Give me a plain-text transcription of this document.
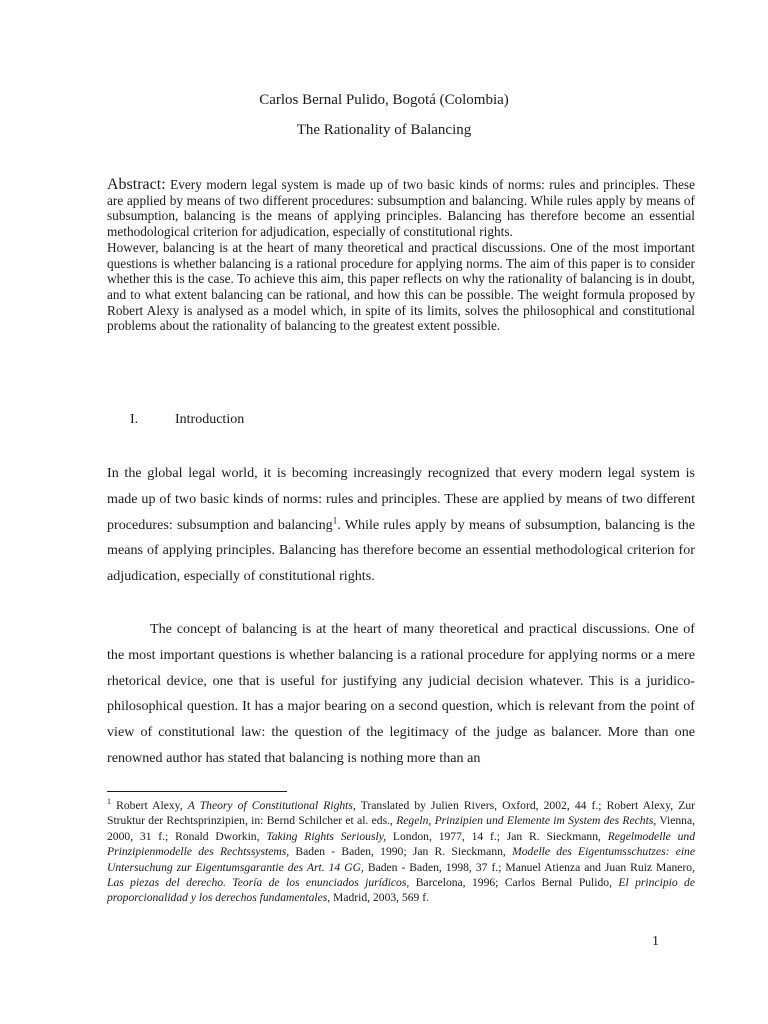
Carlos Bernal Pulido, Bogotá (Colombia)
The Rationality of Balancing

Abstract: Every modern legal system is made up of two basic kinds of norms: rules and principles. These are applied by means of two different procedures: subsumption and balancing. While rules apply by means of subsumption, balancing is the means of applying principles. Balancing has therefore become an essential methodological criterion for adjudication, especially of constitutional rights.

However, balancing is at the heart of many theoretical and practical discussions. One of the most important questions is whether balancing is a rational procedure for applying norms. The aim of this paper is to consider whether this is the case. To achieve this aim, this paper reflects on why the rationality of balancing is in doubt, and to what extent balancing can be rational, and how this can be possible. The weight formula proposed by Robert Alexy is analysed as a model which, in spite of its limits, solves the philosophical and constitutional problems about the rationality of balancing to the greatest extent possible.

I.	Introduction

In the global legal world, it is becoming increasingly recognized that every modern legal system is made up of two basic kinds of norms: rules and principles. These are applied by means of two different procedures: subsumption and balancing$^1$. While rules apply by means of subsumption, balancing is the means of applying principles. Balancing has therefore become an essential methodological criterion for adjudication, especially of constitutional rights.

The concept of balancing is at the heart of many theoretical and practical discussions. One of the most important questions is whether balancing is a rational procedure for applying norms or a mere rhetorical device, one that is useful for justifying any judicial decision whatever. This is a juridico-philosophical question. It has a major bearing on a second question, which is relevant from the point of view of constitutional law: the question of the legitimacy of the judge as balancer. More than one renowned author has stated that balancing is nothing more than an

$^1$ Robert Alexy, A Theory of Constitutional Rights, Translated by Julien Rivers, Oxford, 2002, 44 f.; Robert Alexy, Zur Struktur der Rechtsprinzipien, in: Bernd Schilcher et al. eds., Regeln, Prinzipien und Elemente im System des Rechts, Vienna, 2000, 31 f.; Ronald Dworkin, Taking Rights Seriously, London, 1977, 14 f.; Jan R. Sieckmann, Regelmodelle und Prinzipienmodelle des Rechtssystems, Baden - Baden, 1990; Jan R. Sieckmann, Modelle des Eigentumsschutzes: eine Untersuchung zur Eigentumsgarantie des Art. 14 GG, Baden - Baden, 1998, 37 f.; Manuel Atienza and Juan Ruiz Manero, Las piezas del derecho. Teoría de los enunciados jurídicos, Barcelona, 1996; Carlos Bernal Pulido, El principio de proporcionalidad y los derechos fundamentales, Madrid, 2003, 569 f.

1
